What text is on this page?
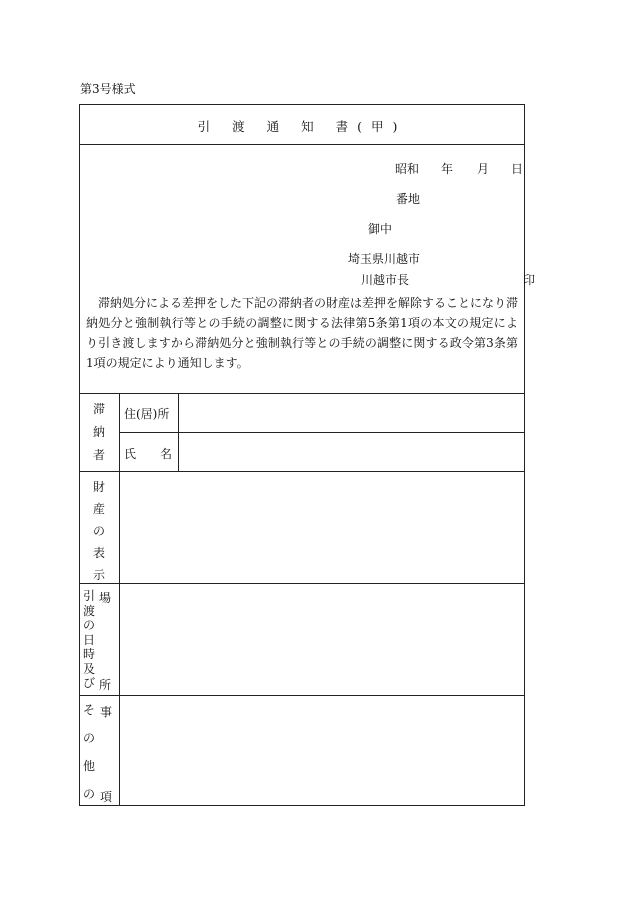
第3号様式
引 渡 通 知 書(甲)
昭和 年 月 日
番地
御中
埼玉県川越市
川越市長	印
滞納処分による差押をした下記の滞納者の財産は差押を解除することになり滞納処分と強制執行等との手続の調整に関する法律第5条第1項の本文の規定により引き渡しますから滞納処分と強制執行等との手続の調整に関する政令第3条第1項の規定により通知します。
滞
納
者
住(居)所
氏 名
財
産
の
表
示
引
渡
の
日
時
及
び
場
所
そ
の
他
の
事
項
